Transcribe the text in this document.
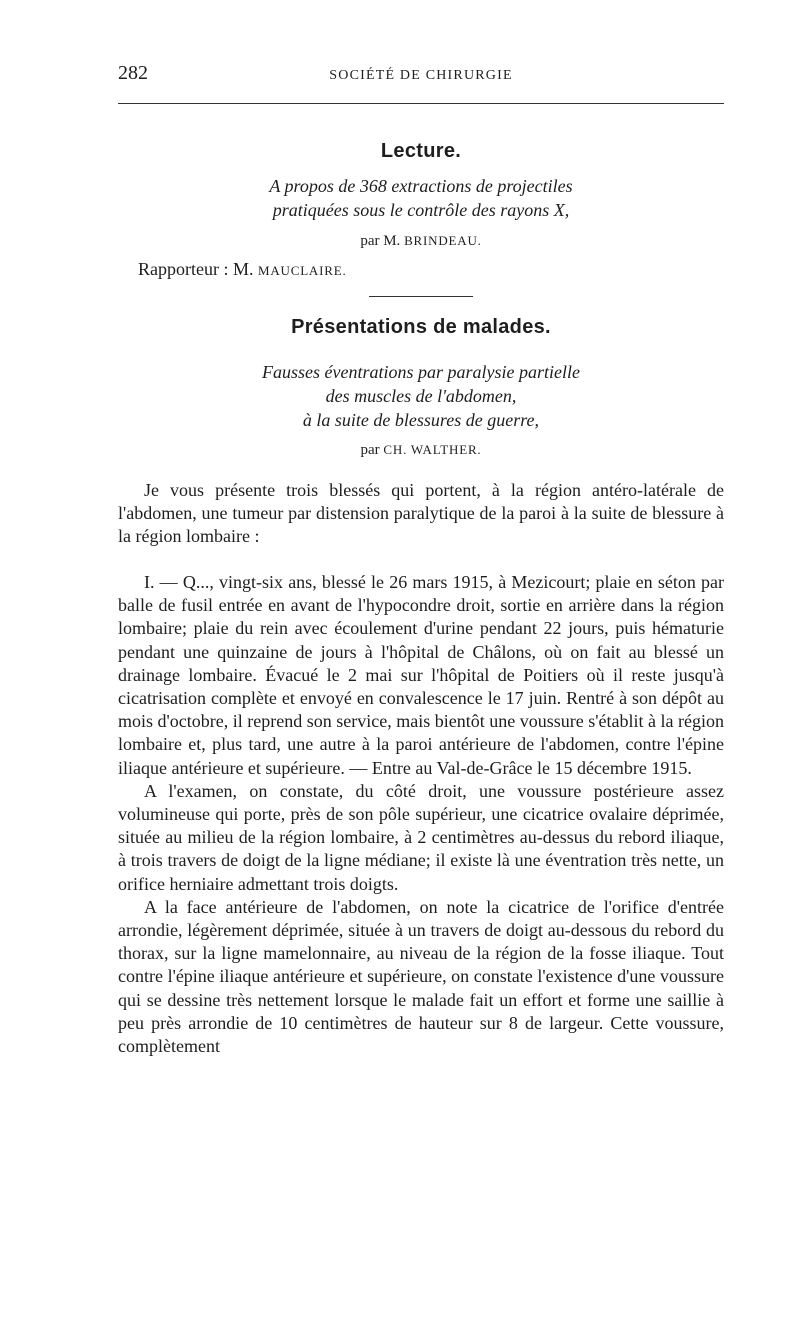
282	SOCIÉTÉ DE CHIRURGIE
Lecture.
A propos de 368 extractions de projectiles
pratiquées sous le contrôle des rayons X,
par M. BRINDEAU.
Rapporteur : M. MAUCLAIRE.
Présentations de malades.
Fausses éventrations par paralysie partielle
des muscles de l'abdomen,
à la suite de blessures de guerre,
par CH. WALTHER.

Je vous présente trois blessés qui portent, à la région antéro-latérale de l'abdomen, une tumeur par distension paralytique de la paroi à la suite de blessure à la région lombaire :

I. — Q..., vingt-six ans, blessé le 26 mars 1915, à Mezicourt; plaie en séton par balle de fusil entrée en avant de l'hypocondre droit, sortie en arrière dans la région lombaire; plaie du rein avec écoulement d'urine pendant 22 jours, puis hématurie pendant une quinzaine de jours à l'hôpital de Châlons, où on fait au blessé un drainage lombaire. Évacué le 2 mai sur l'hôpital de Poitiers où il reste jusqu'à cicatrisation complète et envoyé en convalescence le 17 juin. Rentré à son dépôt au mois d'octobre, il reprend son service, mais bientôt une voussure s'établit à la région lombaire et, plus tard, une autre à la paroi antérieure de l'abdomen, contre l'épine iliaque antérieure et supérieure. — Entre au Val-de-Grâce le 15 décembre 1915.

A l'examen, on constate, du côté droit, une voussure postérieure assez volumineuse qui porte, près de son pôle supérieur, une cicatrice ovalaire déprimée, située au milieu de la région lombaire, à 2 centimètres au-dessus du rebord iliaque, à trois travers de doigt de la ligne médiane; il existe là une éventration très nette, un orifice herniaire admettant trois doigts.

A la face antérieure de l'abdomen, on note la cicatrice de l'orifice d'entrée arrondie, légèrement déprimée, située à un travers de doigt au-dessous du rebord du thorax, sur la ligne mamelonnaire, au niveau de la région de la fosse iliaque. Tout contre l'épine iliaque antérieure et supérieure, on constate l'existence d'une voussure qui se dessine très nettement lorsque le malade fait un effort et forme une saillie à peu près arrondie de 10 centimètres de hauteur sur 8 de largeur. Cette voussure, complètement
